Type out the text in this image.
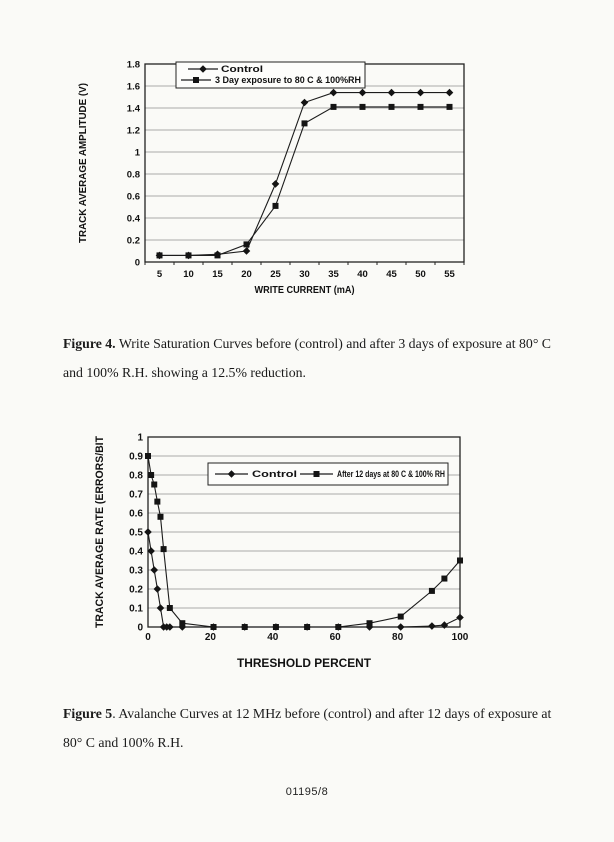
0
0.2
0.4
0.6
0.8
1
1.2
1.4
1.6
1.8
5 10 15 20 25 30 35 40 45 50 55
WRITE CURRENT (mA)
TRACK AVERAGE AMPLITUDE (V)
Control
3 Day exposure to 80 C & 100%RH

Figure 4. Write Saturation Curves before (control) and after 3 days of exposure at 80° C
and 100% R.H. showing a 12.5% reduction.

0
0.1
0.2
0.3
0.4
0.5
0.6
0.7
0.8
0.9
1
0	20	40	60	80	100
THRESHOLD PERCENT
TRACK AVERAGE RATE (ERRORS/BIT	Control	After 12 days at 80 C & 100% RH

Figure 5. Avalanche Curves at 12 MHz before (control) and after 12 days of exposure at
80° C and 100% R.H.

01195/8
